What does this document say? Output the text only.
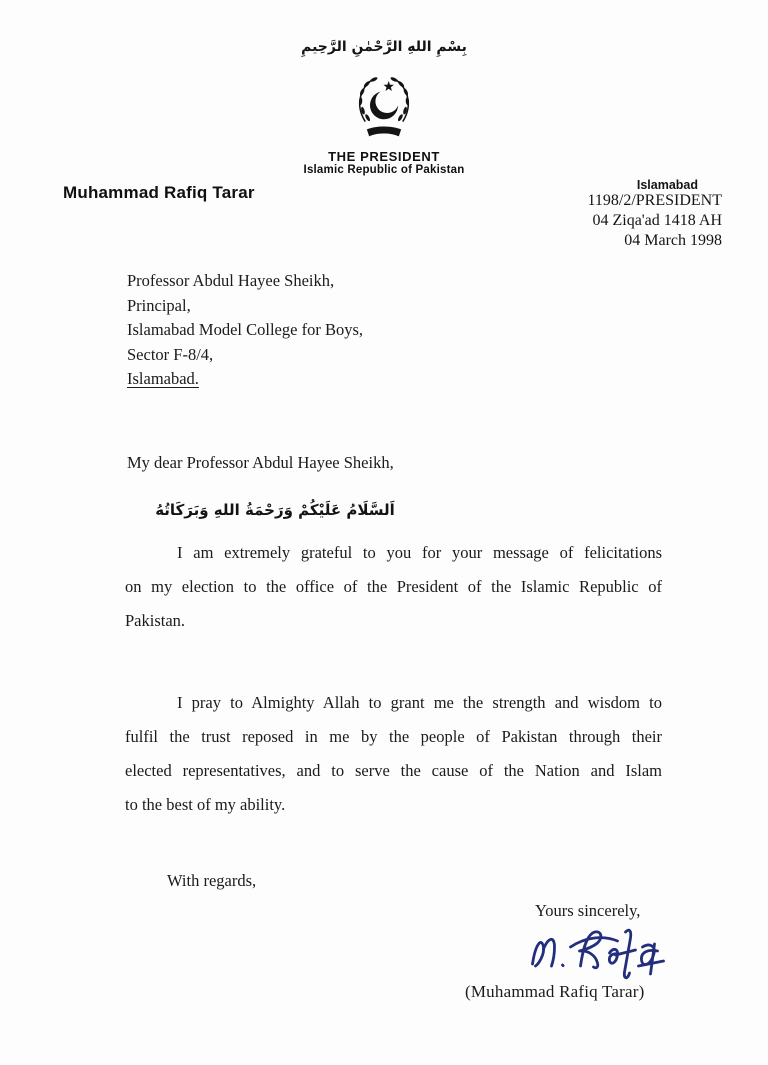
بِسْمِ اللهِ الرَّحْمٰنِ الرَّحِيمِ
THE PRESIDENT
Islamic Republic of Pakistan
Muhammad Rafiq Tarar	Islamabad
1198/2/PRESIDENT
04 Ziqa'ad 1418 AH
04 March 1998
Professor Abdul Hayee Sheikh,
Principal,
Islamabad Model College for Boys,
Sector F-8/4,
Islamabad.
My dear Professor Abdul Hayee Sheikh,
اَلسَّلَامُ عَلَيْكُمْ وَرَحْمَةُ اللهِ وَبَرَكَاتُهُ
I am extremely grateful to you for your message of felicitations
on my election to the office of the President of the Islamic Republic of
Pakistan.
I pray to Almighty Allah to grant me the strength and wisdom to
fulfil the trust reposed in me by the people of Pakistan through their
elected representatives, and to serve the cause of the Nation and Islam
to the best of my ability.
With regards,
Yours sincerely,
(Muhammad Rafiq Tarar)
